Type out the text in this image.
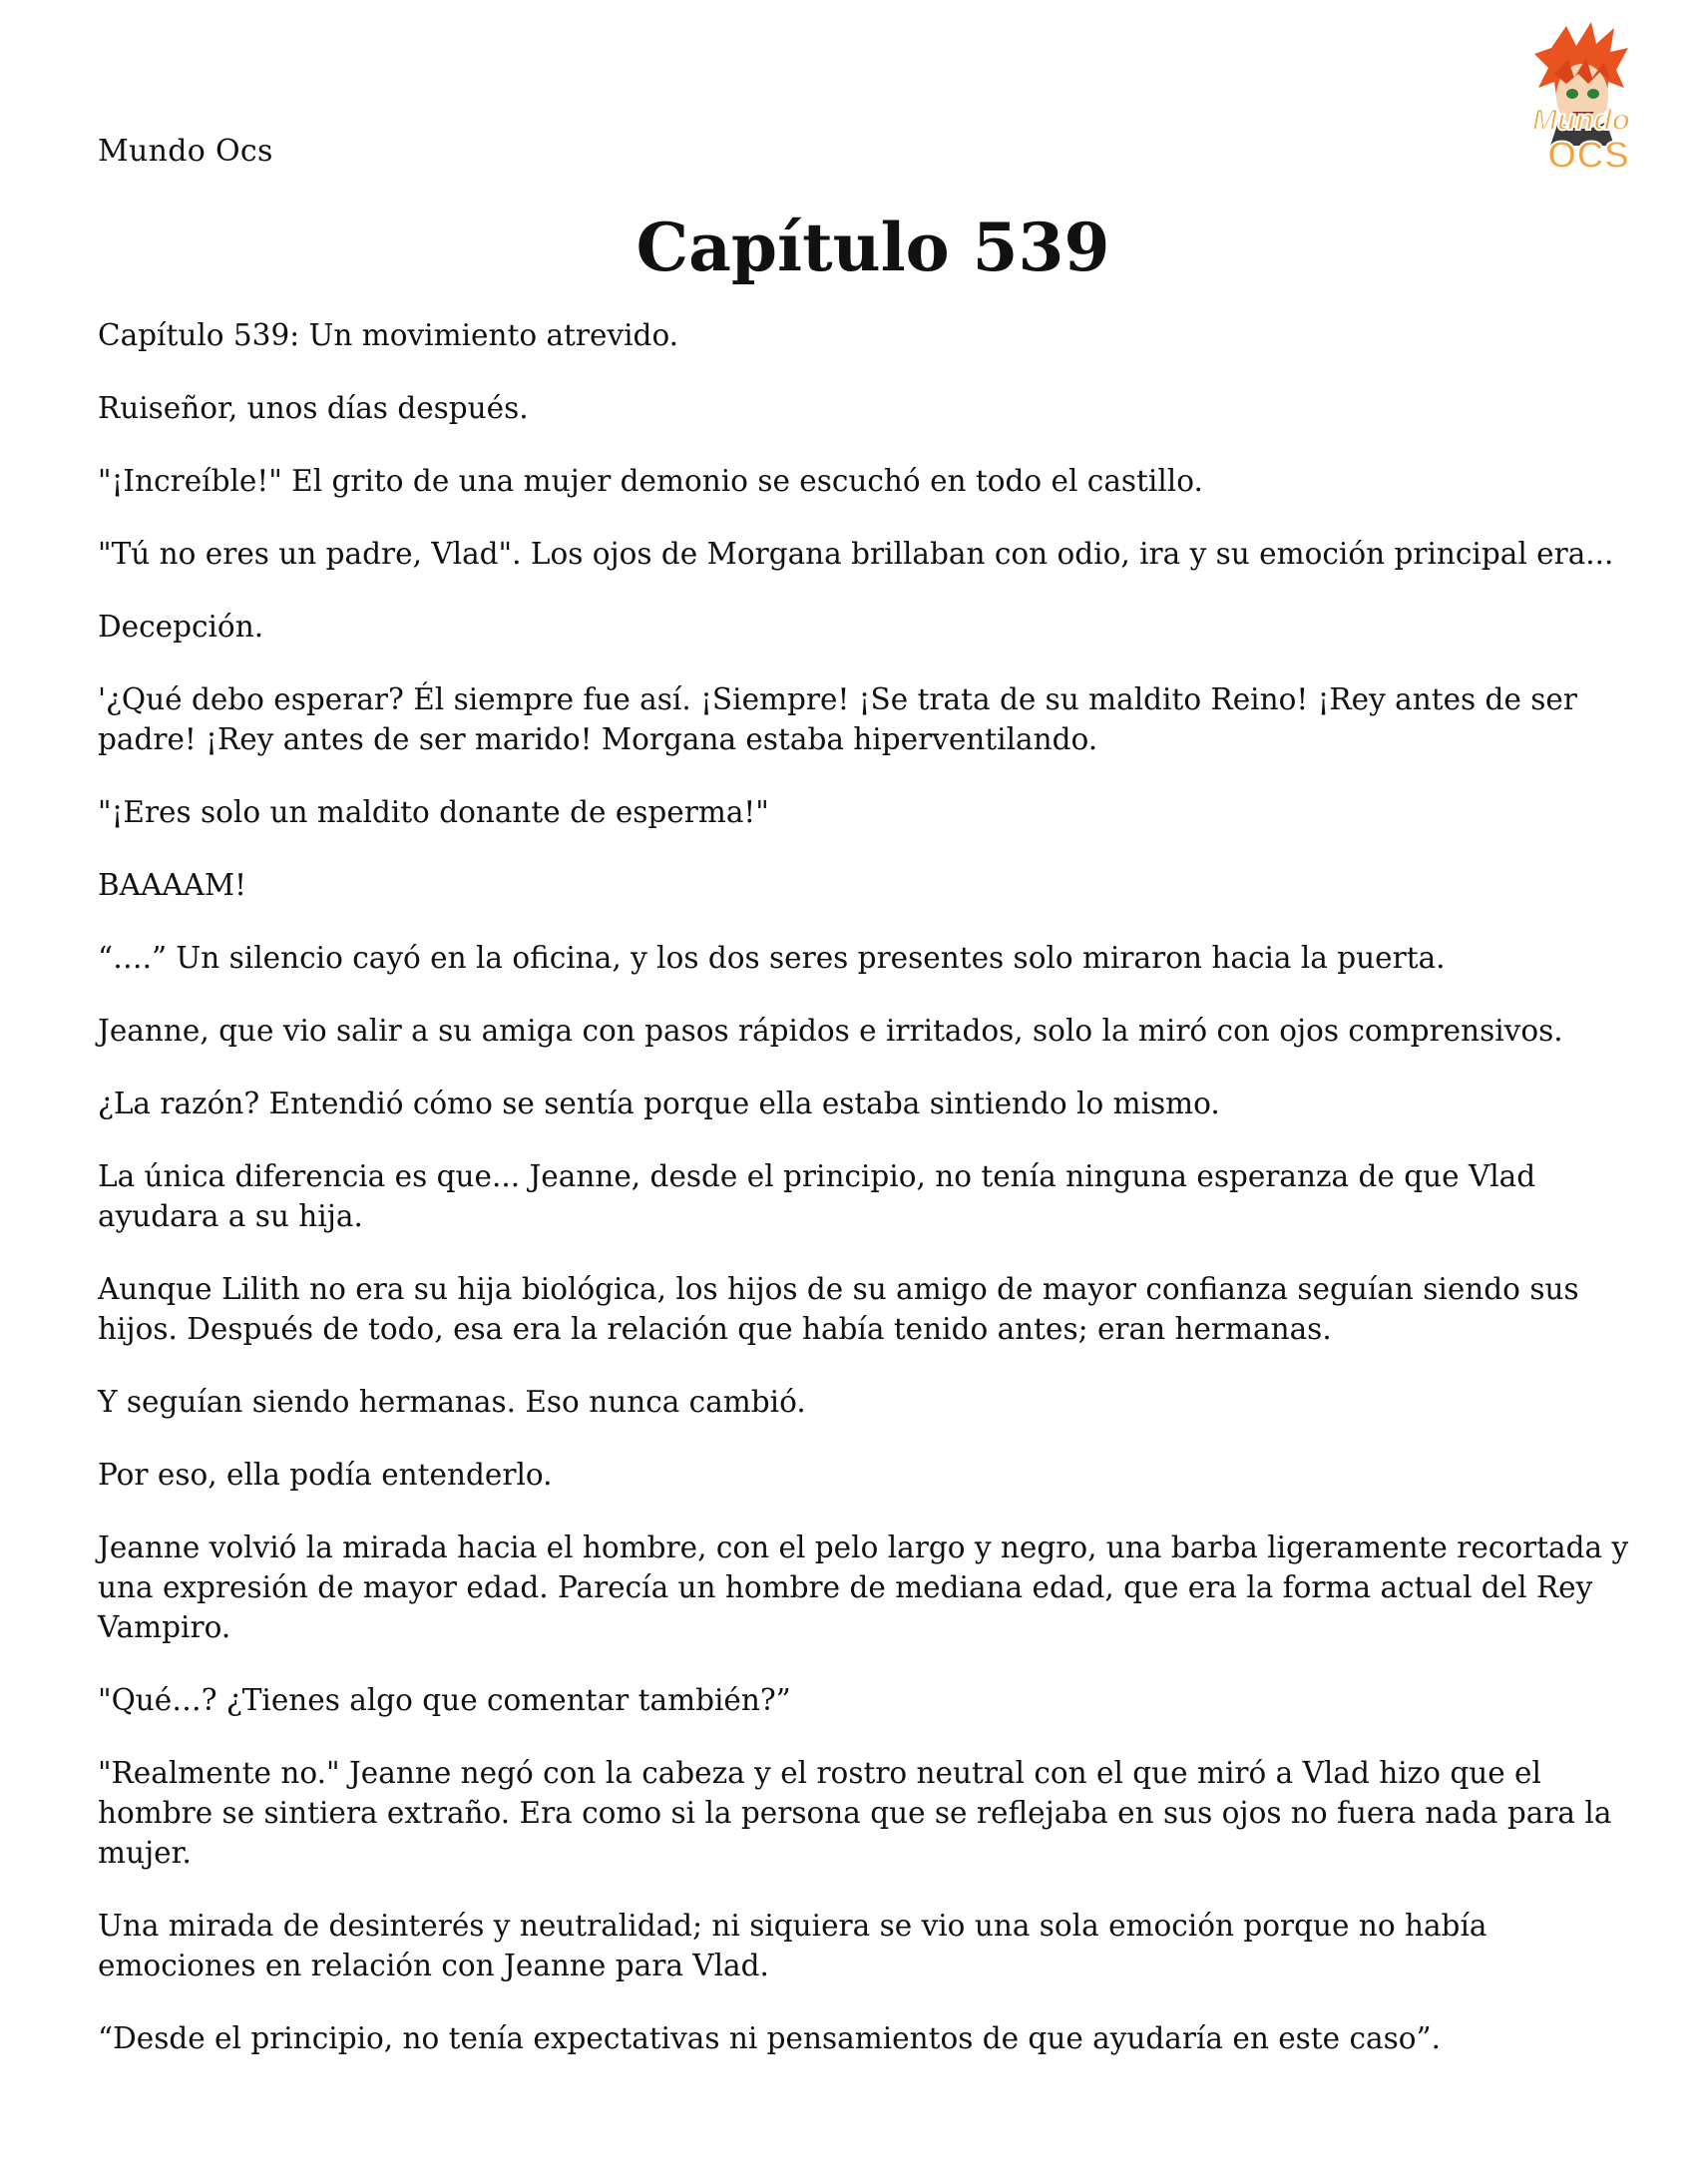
Mundo Ocs
Mundo
OCS
Capítulo 539

Capítulo 539: Un movimiento atrevido.

Ruiseñor, unos días después.

"¡Increíble!" El grito de una mujer demonio se escuchó en todo el castillo.

"Tú no eres un padre, Vlad". Los ojos de Morgana brillaban con odio, ira y su emoción principal era...

Decepción.

'¿Qué debo esperar? Él siempre fue así. ¡Siempre! ¡Se trata de su maldito Reino! ¡Rey antes de ser padre! ¡Rey antes de ser marido! Morgana estaba hiperventilando.

"¡Eres solo un maldito donante de esperma!"

BAAAAM!

“….” Un silencio cayó en la oficina, y los dos seres presentes solo miraron hacia la puerta.

Jeanne, que vio salir a su amiga con pasos rápidos e irritados, solo la miró con ojos comprensivos.

¿La razón? Entendió cómo se sentía porque ella estaba sintiendo lo mismo.

La única diferencia es que... Jeanne, desde el principio, no tenía ninguna esperanza de que Vlad ayudara a su hija.

Aunque Lilith no era su hija biológica, los hijos de su amigo de mayor confianza seguían siendo sus hijos. Después de todo, esa era la relación que había tenido antes; eran hermanas.

Y seguían siendo hermanas. Eso nunca cambió.

Por eso, ella podía entenderlo.

Jeanne volvió la mirada hacia el hombre, con el pelo largo y negro, una barba ligeramente recortada y una expresión de mayor edad. Parecía un hombre de mediana edad, que era la forma actual del Rey Vampiro.

"Qué…? ¿Tienes algo que comentar también?”

"Realmente no." Jeanne negó con la cabeza y el rostro neutral con el que miró a Vlad hizo que el hombre se sintiera extraño. Era como si la persona que se reflejaba en sus ojos no fuera nada para la mujer.

Una mirada de desinterés y neutralidad; ni siquiera se vio una sola emoción porque no había emociones en relación con Jeanne para Vlad.

“Desde el principio, no tenía expectativas ni pensamientos de que ayudaría en este caso”.
